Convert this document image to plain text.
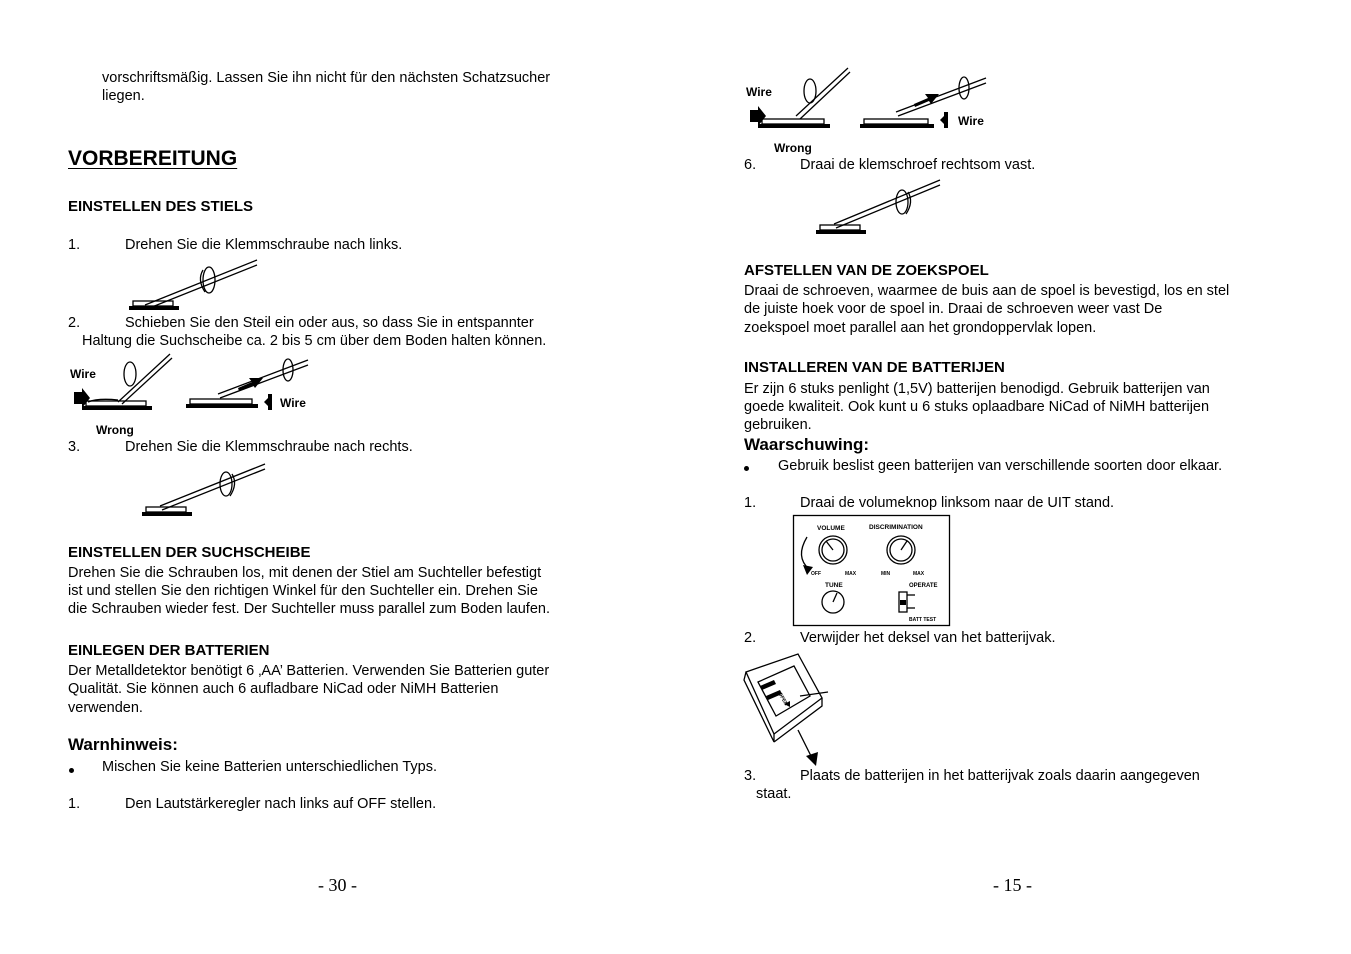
vorschriftsmäßig. Lassen Sie ihn nicht für den nächsten Schatzsucher
liegen.
VORBEREITUNG
EINSTELLEN DES STIELS
1.	Drehen Sie die Klemmschraube nach links.
2.	Schieben Sie den Steil ein oder aus, so dass Sie in entspannter
Haltung die Suchscheibe ca. 2 bis 5 cm über dem Boden halten können.
Wire
Wrong
Wire
3.	Drehen Sie die Klemmschraube nach rechts.
EINSTELLEN DER SUCHSCHEIBE
Drehen Sie die Schrauben los, mit denen der Stiel am Suchteller befestigt
ist und stellen Sie den richtigen Winkel für den Suchteller ein. Drehen Sie
die Schrauben wieder fest. Der Suchteller muss parallel zum Boden laufen.
EINLEGEN DER BATTERIEN
Der Metalldetektor benötigt 6 ‚AA’ Batterien. Verwenden Sie Batterien guter
Qualität. Sie können auch 6 aufladbare NiCad oder NiMH Batterien
verwenden.
Warnhinweis:
Mischen Sie keine Batterien unterschiedlichen Typs.
1.	Den Lautstärkeregler nach links auf OFF stellen.
- 30 -
Wire
Wrong
Wire
6.	Draai de klemschroef rechtsom vast.
AFSTELLEN VAN DE ZOEKSPOEL
Draai de schroeven, waarmee de buis aan de spoel is bevestigd, los en stel
de juiste hoek voor de spoel in. Draai de schroeven weer vast De
zoekspoel moet parallel aan het grondoppervlak lopen.
INSTALLEREN VAN DE BATTERIJEN
Er zijn 6 stuks penlight (1,5V) batterijen benodigd. Gebruik batterijen van
goede kwaliteit. Ook kunt u 6 stuks oplaadbare NiCad of NiMH batterijen
gebruiken.
Waarschuwing:
Gebruik beslist geen batterijen van verschillende soorten door elkaar.
1.	Draai de volumeknop linksom naar de UIT stand.
VOLUME	DISCRIMINATION
OFF	MAX	MIN	MAX
TUNE	OPERATE
BATT TEST
2.	Verwijder het deksel van het batterijvak.
OPEN
3.	Plaats de batterijen in het batterijvak zoals daarin aangegeven
staat.
- 15 -
